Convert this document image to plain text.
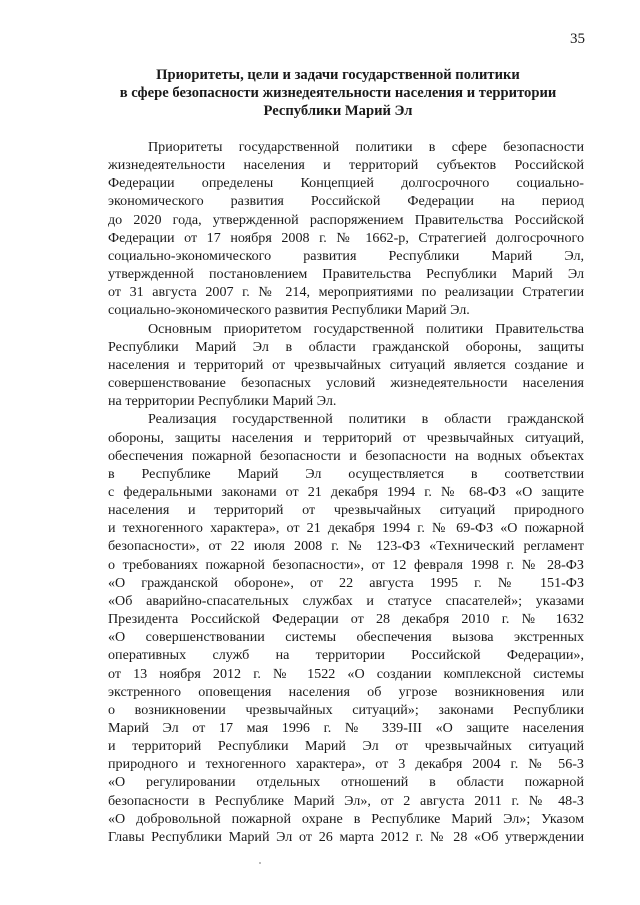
35
Приоритеты, цели и задачи государственной политики
в сфере безопасности жизнедеятельности населения и территории
Республики Марий Эл

Приоритеты государственной политики в сфере безопасности
жизнедеятельности населения и территорий субъектов Российской
Федерации определены Концепцией долгосрочного социально-
экономического развития Российской Федерации на период
до 2020 года, утвержденной распоряжением Правительства Российской
Федерации от 17 ноября 2008 г. № 1662-р, Стратегией долгосрочного
социально-экономического развития Республики Марий Эл,
утвержденной постановлением Правительства Республики Марий Эл
от 31 августа 2007 г. № 214, мероприятиями по реализации Стратегии
социально-экономического развития Республики Марий Эл.

Основным приоритетом государственной политики Правительства
Республики Марий Эл в области гражданской обороны, защиты
населения и территорий от чрезвычайных ситуаций является создание и
совершенствование безопасных условий жизнедеятельности населения
на территории Республики Марий Эл.

Реализация государственной политики в области гражданской
обороны, защиты населения и территорий от чрезвычайных ситуаций,
обеспечения пожарной безопасности и безопасности на водных объектах
в Республике Марий Эл осуществляется в соответствии
с федеральными законами от 21 декабря 1994 г. № 68-ФЗ «О защите
населения и территорий от чрезвычайных ситуаций природного
и техногенного характера», от 21 декабря 1994 г. № 69-ФЗ «О пожарной
безопасности», от 22 июля 2008 г. № 123-ФЗ «Технический регламент
о требованиях пожарной безопасности», от 12 февраля 1998 г. № 28-ФЗ
«О гражданской обороне», от 22 августа 1995 г. № 151-ФЗ
«Об аварийно-спасательных службах и статусе спасателей»; указами
Президента Российской Федерации от 28 декабря 2010 г. № 1632
«О совершенствовании системы обеспечения вызова экстренных
оперативных служб на территории Российской Федерации»,
от 13 ноября 2012 г. № 1522 «О создании комплексной системы
экстренного оповещения населения об угрозе возникновения или
о возникновении чрезвычайных ситуаций»; законами Республики
Марий Эл от 17 мая 1996 г. № 339-III «О защите населения
и территорий Республики Марий Эл от чрезвычайных ситуаций
природного и техногенного характера», от 3 декабря 2004 г. № 56-З
«О регулировании отдельных отношений в области пожарной
безопасности в Республике Марий Эл», от 2 августа 2011 г. № 48-З
«О добровольной пожарной охране в Республике Марий Эл»; Указом
Главы Республики Марий Эл от 26 марта 2012 г. № 28 «Об утверждении
